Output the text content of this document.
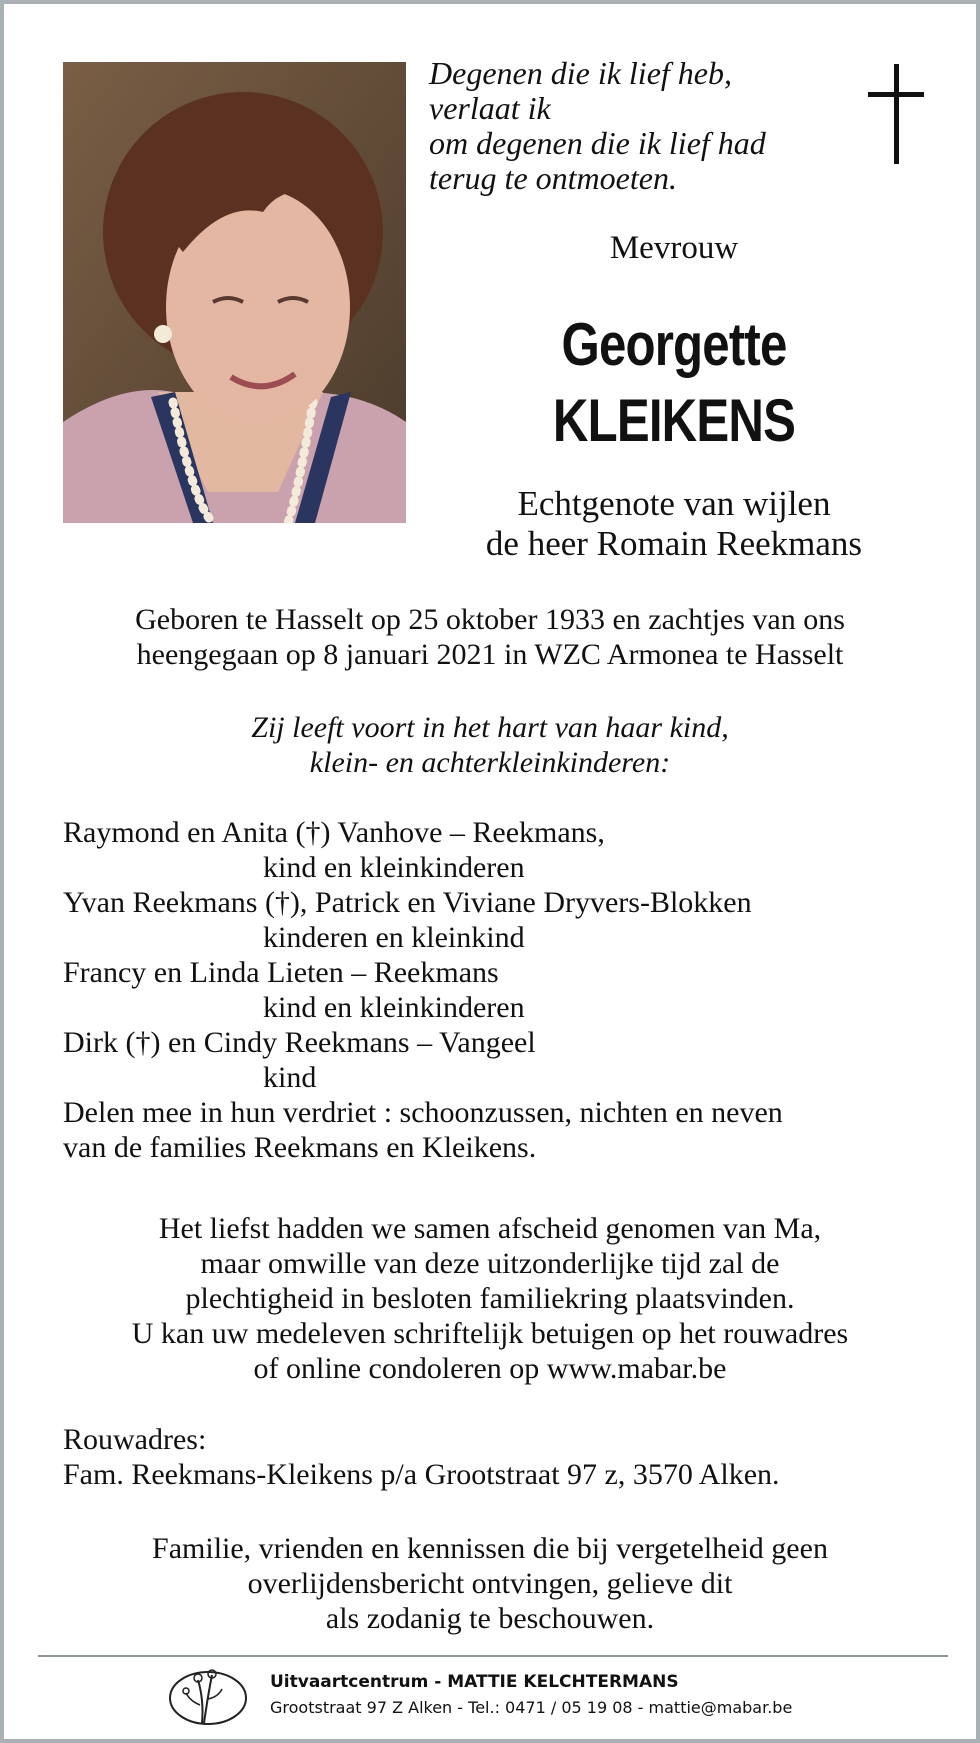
Degenen die ik lief heb,
verlaat ik
om degenen die ik lief had
terug te ontmoeten.
Mevrouw
Georgette
KLEIKENS
Echtgenote van wijlen
de heer Romain Reekmans
Geboren te Hasselt op 25 oktober 1933 en zachtjes van ons
heengegaan op 8 januari 2021 in WZC Armonea te Hasselt
Zij leeft voort in het hart van haar kind,
klein- en achterkleinkinderen:
Raymond en Anita (†) Vanhove – Reekmans,
kind en kleinkinderen
Yvan Reekmans (†), Patrick en Viviane Dryvers-Blokken
kinderen en kleinkind
Francy en Linda Lieten – Reekmans
kind en kleinkinderen
Dirk (†) en Cindy Reekmans – Vangeel
kind
Delen mee in hun verdriet : schoonzussen, nichten en neven
van de families Reekmans en Kleikens.
Het liefst hadden we samen afscheid genomen van Ma,
maar omwille van deze uitzonderlijke tijd zal de
plechtigheid in besloten familiekring plaatsvinden.
U kan uw medeleven schriftelijk betuigen op het rouwadres
of online condoleren op www.mabar.be
Rouwadres:
Fam. Reekmans-Kleikens p/a Grootstraat 97 z, 3570 Alken.
Familie, vrienden en kennissen die bij vergetelheid geen
overlijdensbericht ontvingen, gelieve dit
als zodanig te beschouwen.
Uitvaartcentrum - MATTIE KELCHTERMANS
Grootstraat 97 Z Alken - Tel.: 0471 / 05 19 08 - mattie@mabar.be
